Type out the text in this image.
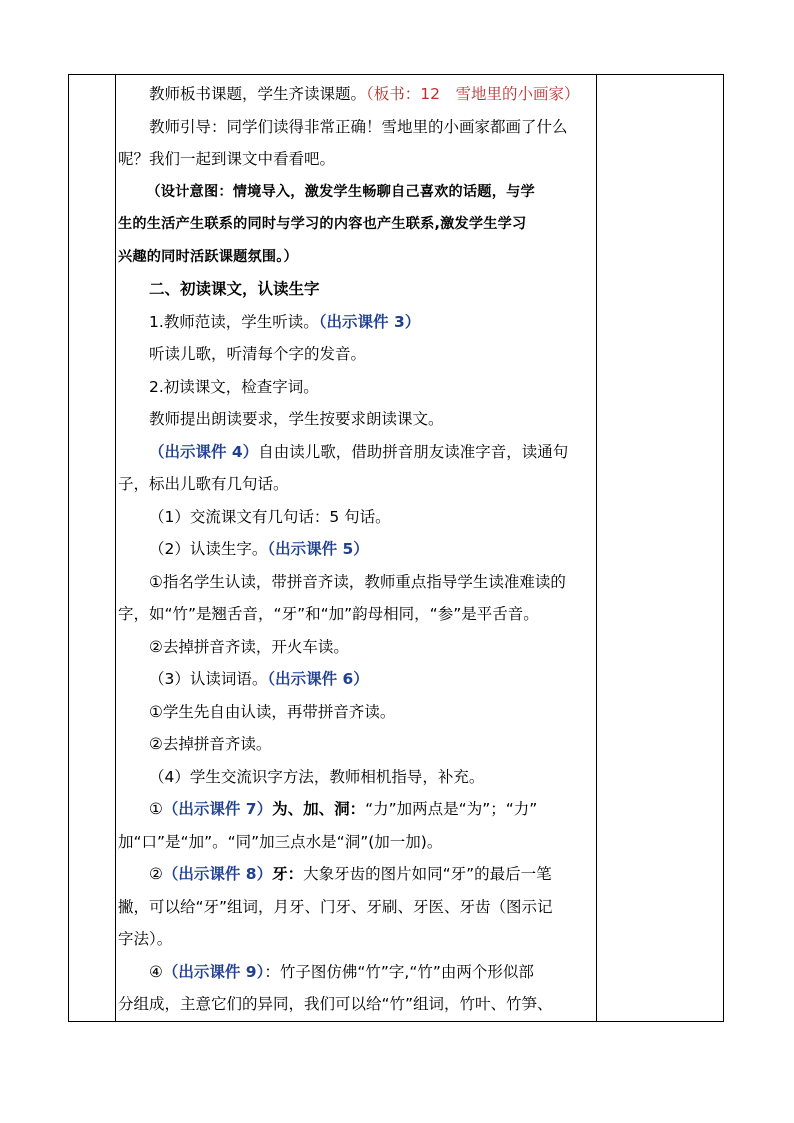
教师板书课题，学生齐读课题。（板书：12　雪地里的小画家）

教师引导：同学们读得非常正确！雪地里的小画家都画了什么

呢？我们一起到课文中看看吧。

（设计意图：情境导入，激发学生畅聊自己喜欢的话题，与学

生的生活产生联系的同时与学习的内容也产生联系,激发学生学习

兴趣的同时活跃课题氛围。）

二、初读课文，认读生字

1.教师范读，学生听读。（出示课件 3）

听读儿歌，听清每个字的发音。

2.初读课文，检查字词。

教师提出朗读要求，学生按要求朗读课文。

（出示课件 4）自由读儿歌，借助拼音朋友读准字音，读通句

子，标出儿歌有几句话。

（1）交流课文有几句话：5 句话。

（2）认读生字。（出示课件 5）

①指名学生认读，带拼音齐读，教师重点指导学生读准难读的

字，如“竹”是翘舌音，“牙”和“加”韵母相同，“参”是平舌音。

②去掉拼音齐读，开火车读。

（3）认读词语。（出示课件 6）

①学生先自由认读，再带拼音齐读。

②去掉拼音齐读。

（4）学生交流识字方法，教师相机指导，补充。

①（出示课件 7）为、加、洞：“力”加两点是“为”；“力”

加“口”是“加”。“同”加三点水是“洞”(加一加)。

②（出示课件 8）牙：大象牙齿的图片如同“牙”的最后一笔

撇，可以给“牙”组词，月牙、门牙、牙刷、牙医、牙齿（图示记

字法）。

④（出示课件 9）：竹子图仿佛“竹”字,“竹”由两个形似部

分组成，主意它们的异同，我们可以给“竹”组词，竹叶、竹笋、
